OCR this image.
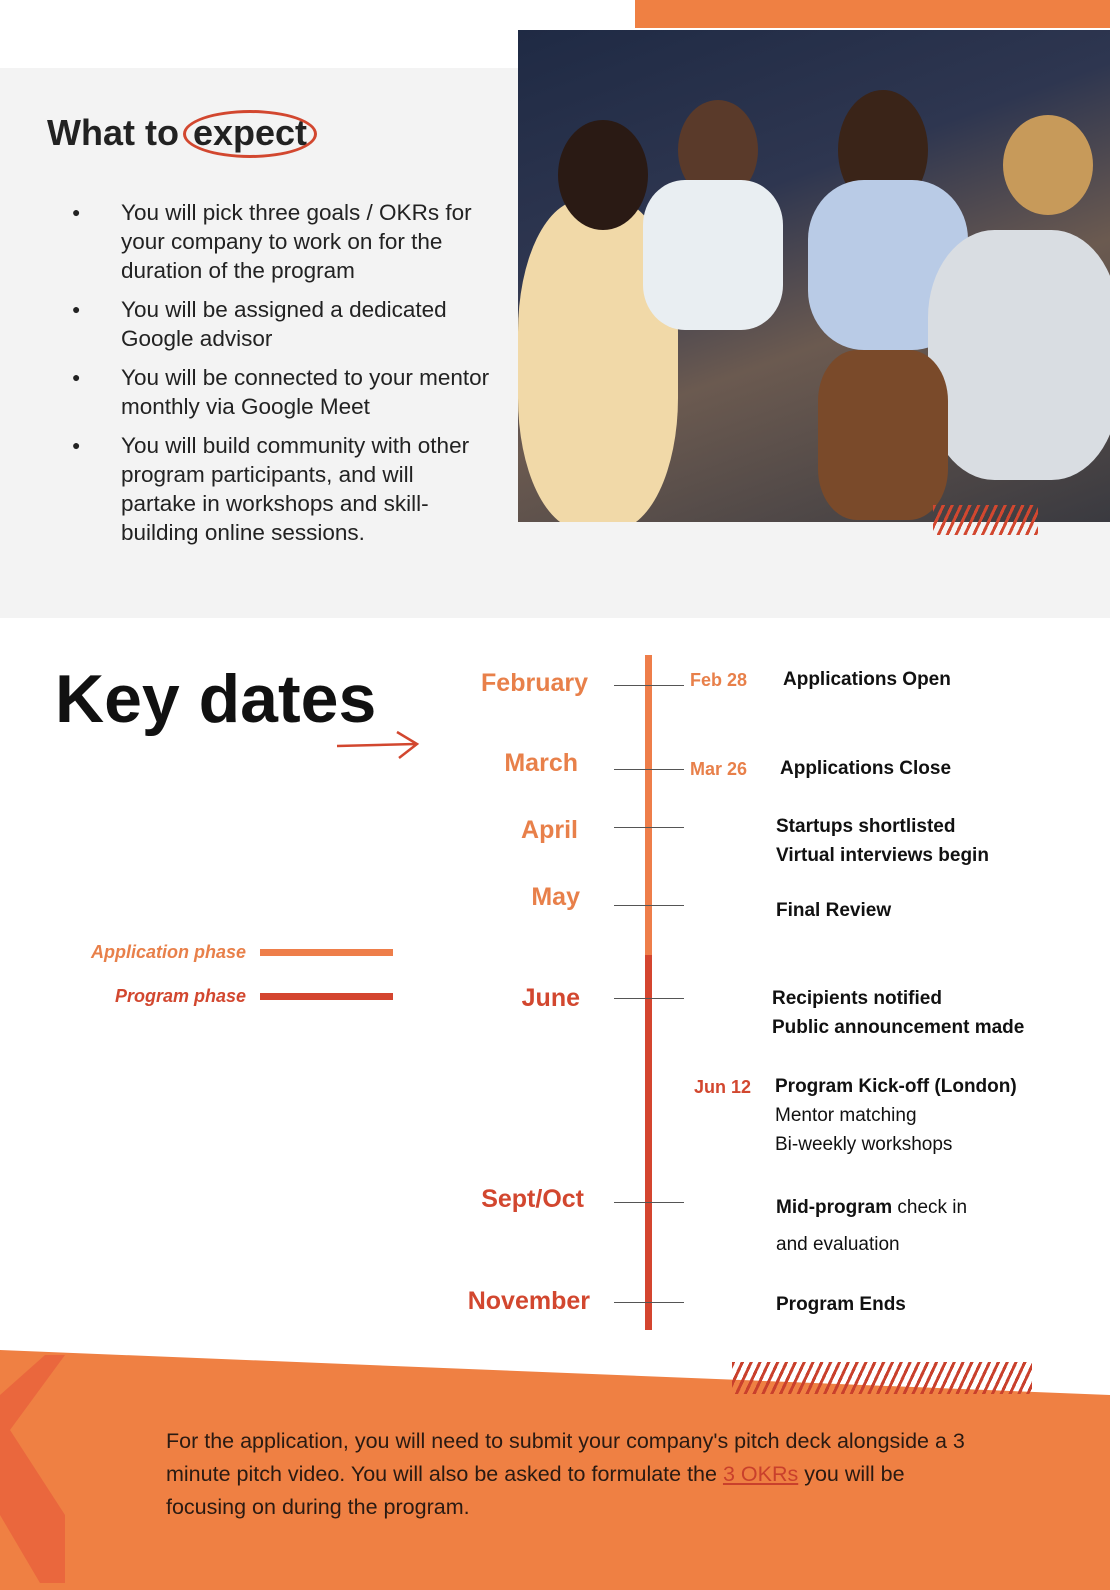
What to expect
● You will pick three goals / OKRs for your company to work on for the duration of the program
● You will be assigned a dedicated Google advisor
● You will be connected to your mentor monthly via Google Meet
● You will build community with other program participants, and will partake in workshops and skill-building online sessions.
Key dates
Application phase
Program phase
February
March
April
May
June
Sept/Oct
November
Feb 28
Mar 26
Jun 12
Applications Open
Applications Close
Startups shortlisted
Virtual interviews begin
Final Review
Recipients notified
Public announcement made
Program Kick-off (London)
Mentor matching
Bi-weekly workshops
Mid-program check in
and evaluation
Program Ends

For the application, you will need to submit your company's pitch deck alongside a 3 minute pitch video. You will also be asked to formulate the 3 OKRs you will be focusing on during the program.
